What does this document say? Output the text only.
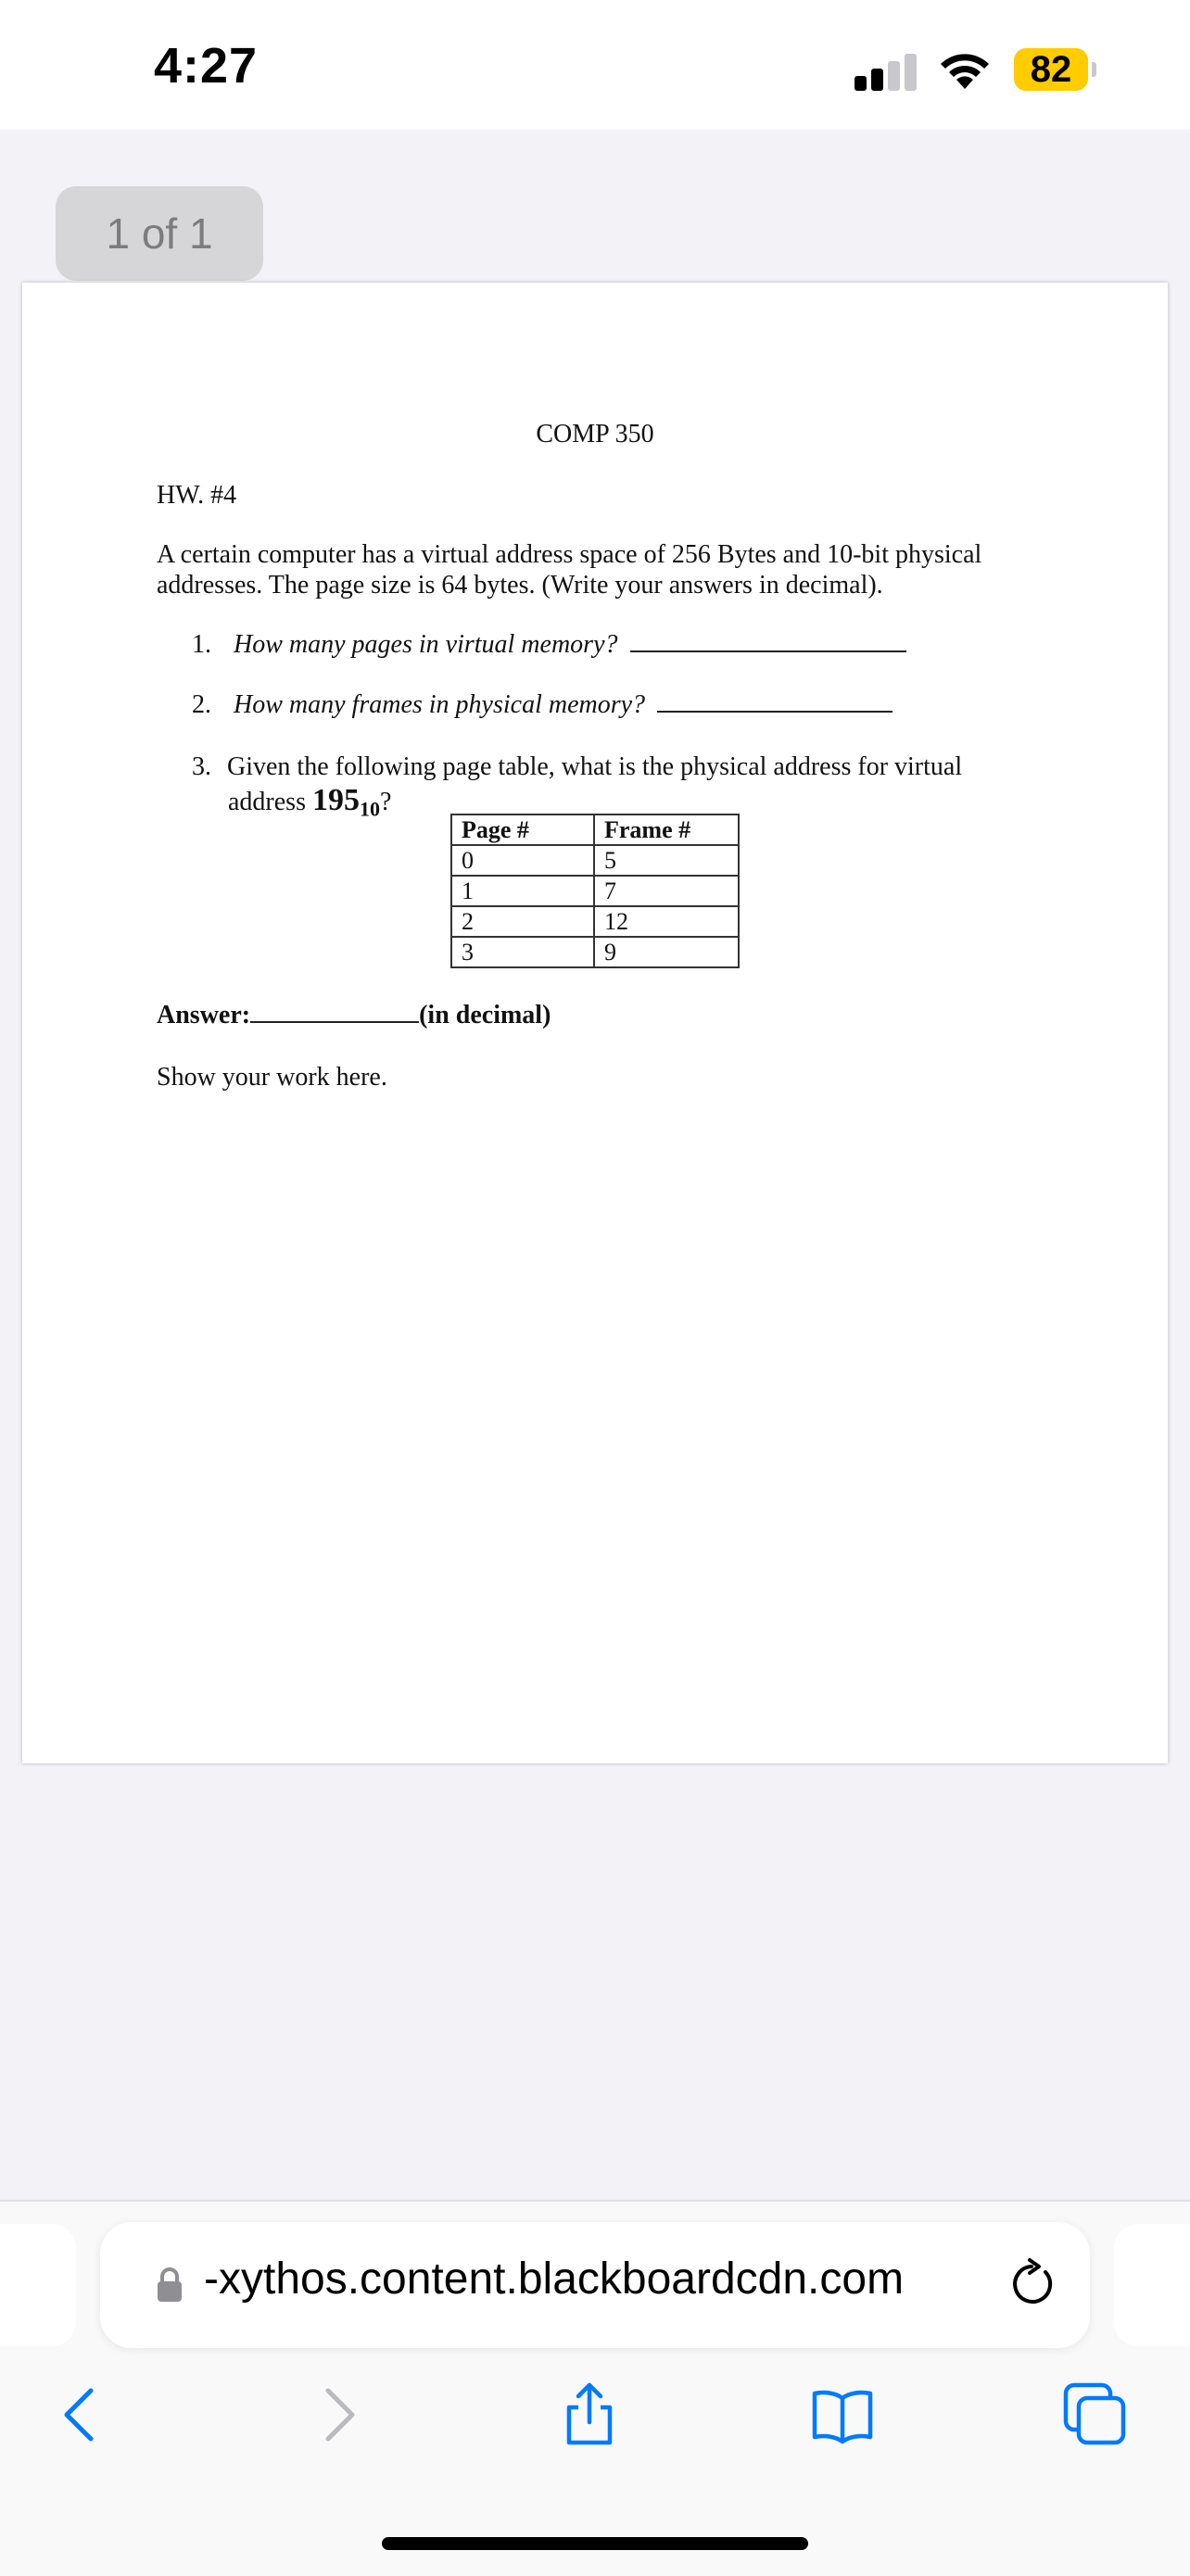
4:27	82
1 of 1
COMP 350
HW. #4
A certain computer has a virtual address space of 256 Bytes and 10-bit physical addresses. The page size is 64 bytes. (Write your answers in decimal).
1. How many pages in virtual memory?
2. How many frames in physical memory?
3. Given the following page table, what is the physical address for virtual
address $195_{10}$?
Page #	Frame #
0	5
1	7
2	12
3	9
Answer:	(in decimal)
Show your work here.
-xythos.content.blackboardcdn.com
